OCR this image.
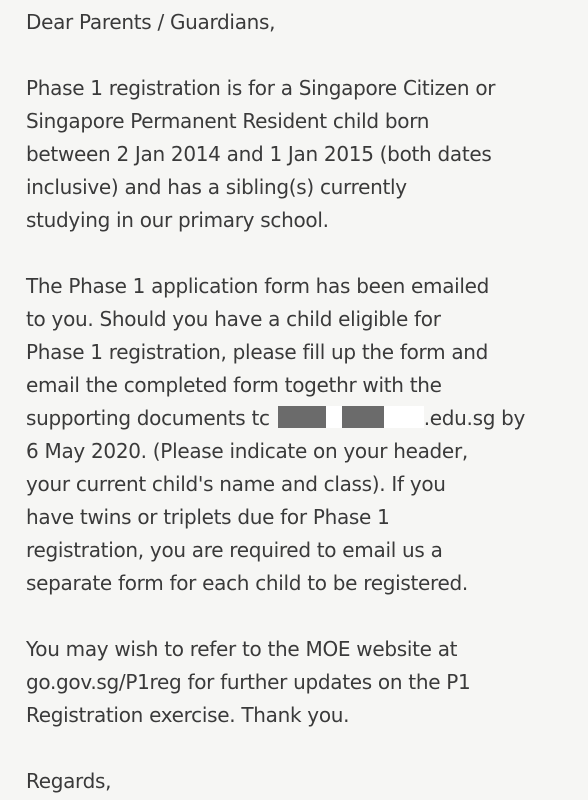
Dear Parents / Guardians,
Phase 1 registration is for a Singapore Citizen or
Singapore Permanent Resident child born
between 2 Jan 2014 and 1 Jan 2015 (both dates
inclusive) and has a sibling(s) currently
studying in our primary school.
The Phase 1 application form has been emailed
to you. Should you have a child eligible for
Phase 1 registration, please fill up the form and
email the completed form togeth⁠r with the
supporting documents tc	.edu.sg by
6 May 2020. (Please indicate on your header,
your current child's name and class). If you
have twins or triplets due for Phase 1
registration, you are required to email us a
separate form for each child to be registered.
You may wish to refer to the MOE website at
go.gov.sg/P1reg for further updates on the P1
Registration exercise. Thank you.
Regards,
